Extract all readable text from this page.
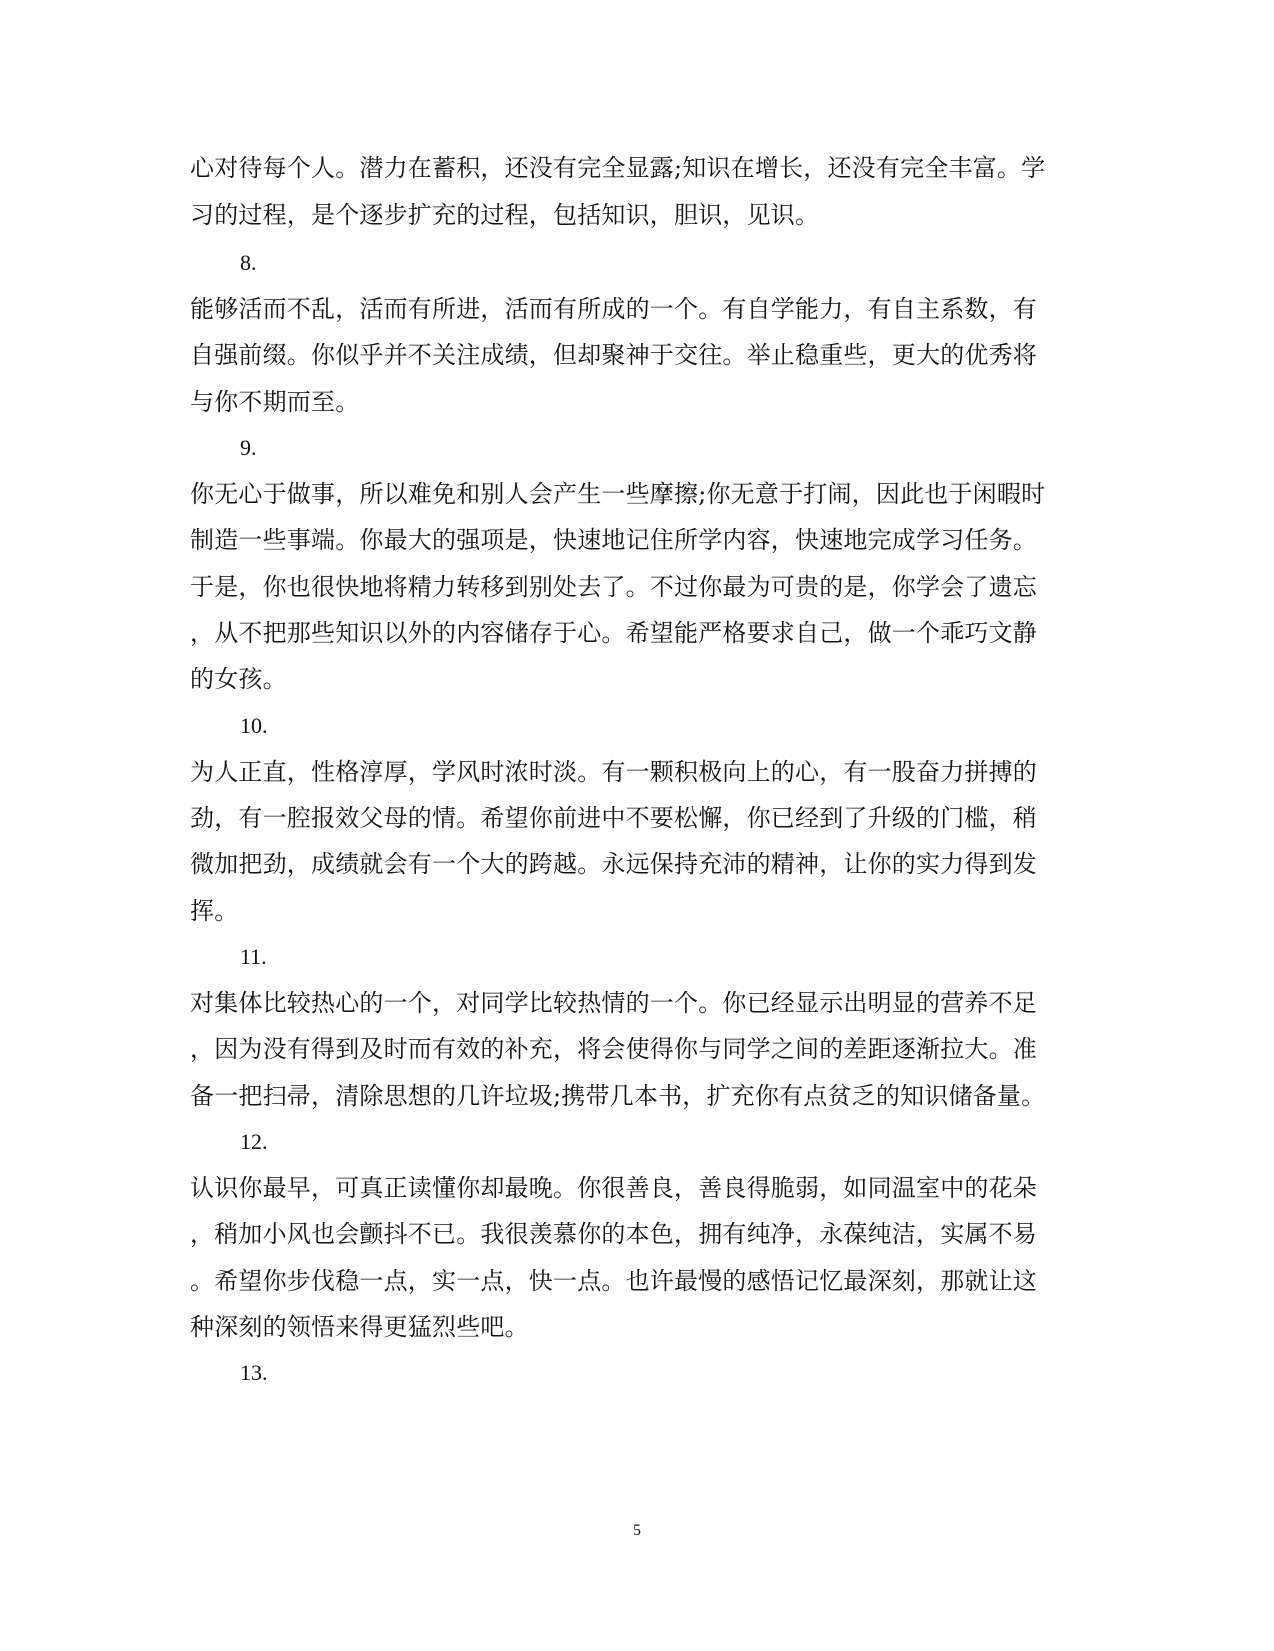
心对待每个人。潜力在蓄积，还没有完全显露;知识在增长，还没有完全丰富。学
习的过程，是个逐步扩充的过程，包括知识，胆识，见识。
8.
能够活而不乱，活而有所进，活而有所成的一个。有自学能力，有自主系数，有
自强前缀。你似乎并不关注成绩，但却聚神于交往。举止稳重些，更大的优秀将
与你不期而至。
9.
你无心于做事，所以难免和别人会产生一些摩擦;你无意于打闹，因此也于闲暇时
制造一些事端。你最大的强项是，快速地记住所学内容，快速地完成学习任务。
于是，你也很快地将精力转移到别处去了。不过你最为可贵的是，你学会了遗忘
，从不把那些知识以外的内容储存于心。希望能严格要求自己，做一个乖巧文静
的女孩。
10.
为人正直，性格淳厚，学风时浓时淡。有一颗积极向上的心，有一股奋力拼搏的
劲，有一腔报效父母的情。希望你前进中不要松懈，你已经到了升级的门槛，稍
微加把劲，成绩就会有一个大的跨越。永远保持充沛的精神，让你的实力得到发
挥。
11.
对集体比较热心的一个，对同学比较热情的一个。你已经显示出明显的营养不足
，因为没有得到及时而有效的补充，将会使得你与同学之间的差距逐渐拉大。准
备一把扫帚，清除思想的几许垃圾;携带几本书，扩充你有点贫乏的知识储备量。
12.
认识你最早，可真正读懂你却最晚。你很善良，善良得脆弱，如同温室中的花朵
，稍加小风也会颤抖不已。我很羡慕你的本色，拥有纯净，永葆纯洁，实属不易
。希望你步伐稳一点，实一点，快一点。也许最慢的感悟记忆最深刻，那就让这
种深刻的领悟来得更猛烈些吧。
13.
5
